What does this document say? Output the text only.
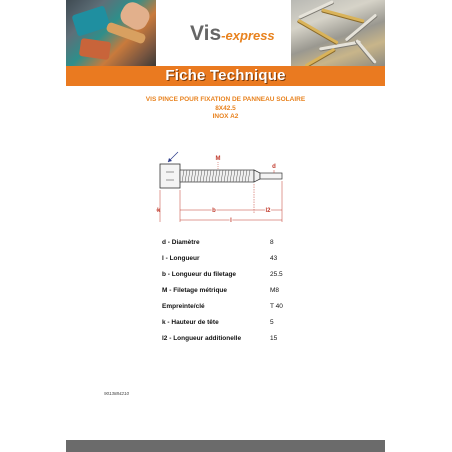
Vis-express
Fiche Technique
VIS PINCE POUR FIXATION DE PANNEAU SOLAIRE
8X42.5
INOX A2
M
d
k	b	l2
l
d - Diamètre	8
l - Longueur	43
b - Longueur du filetage	25.5
M - Filetage métrique	M8
Empreinte/clé	T 40
k - Hauteur de tête	5
l2 - Longueur additionelle	15
9013884210
